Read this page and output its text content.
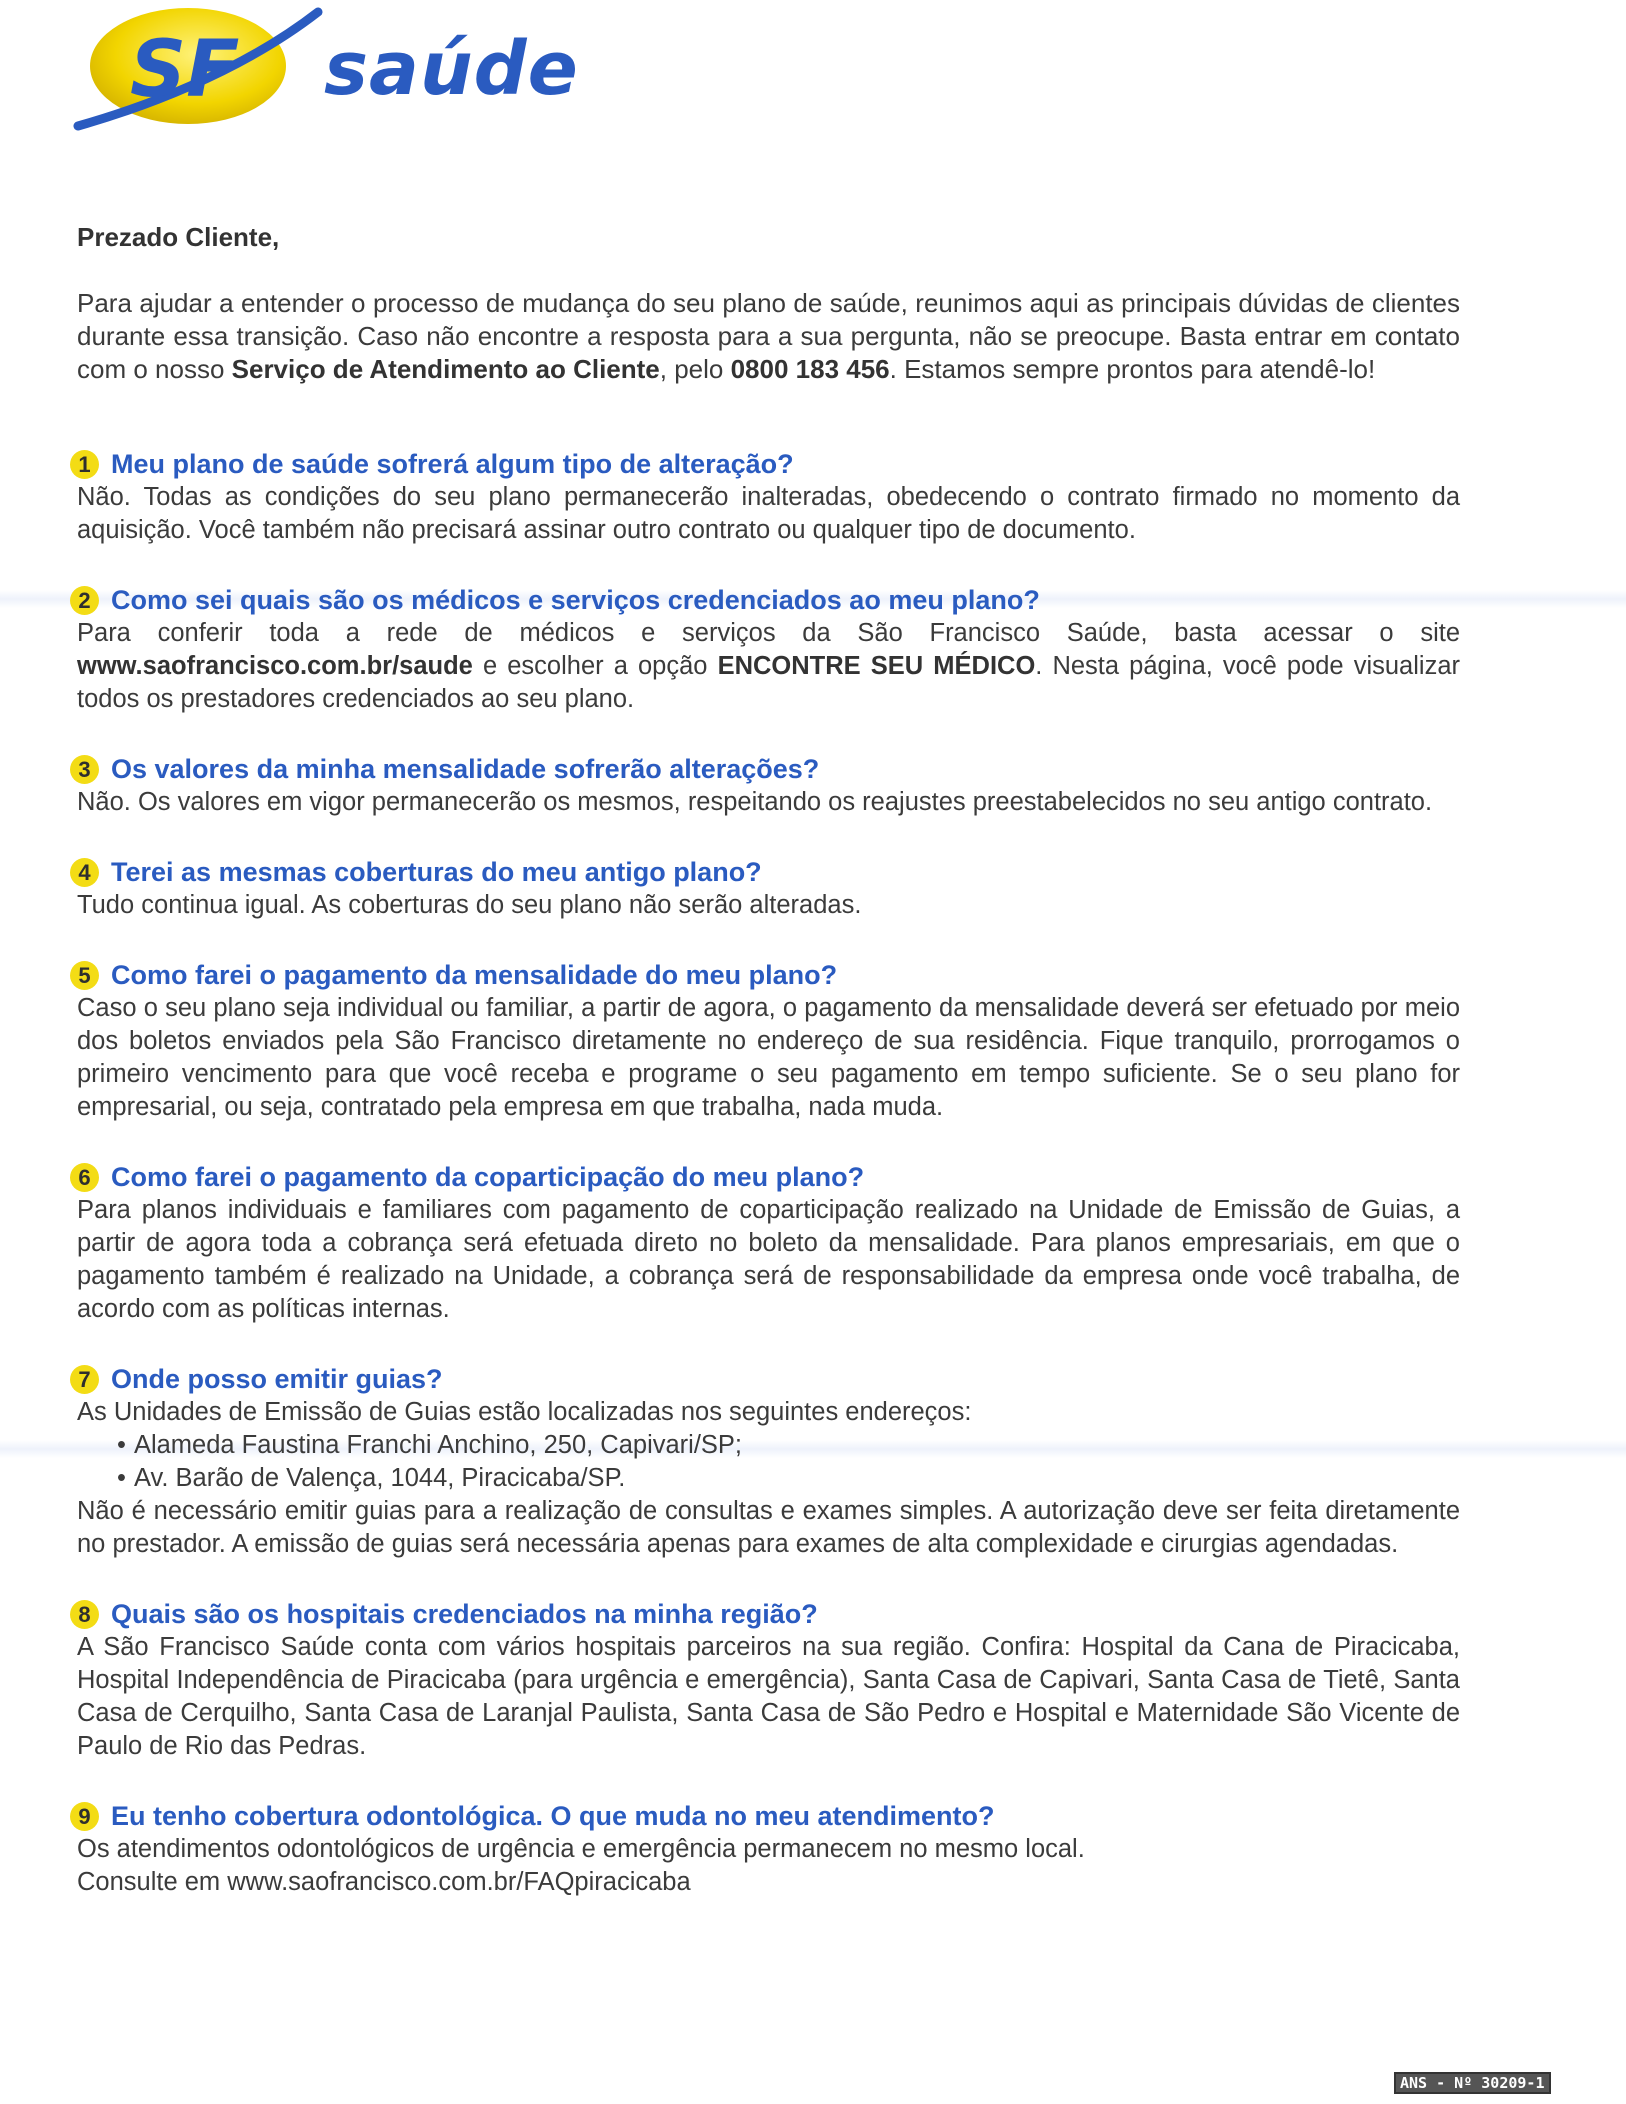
SF saúde

Prezado Cliente,

Para ajudar a entender o processo de mudança do seu plano de saúde, reunimos aqui as principais dúvidas de clientes durante essa transição. Caso não encontre a resposta para a sua pergunta, não se preocupe. Basta entrar em contato com o nosso Serviço de Atendimento ao Cliente, pelo 0800 183 456. Estamos sempre prontos para atendê-lo!

1 Meu plano de saúde sofrerá algum tipo de alteração?
Não. Todas as condições do seu plano permanecerão inalteradas, obedecendo o contrato firmado no momento da aquisição. Você também não precisará assinar outro contrato ou qualquer tipo de documento.
2 Como sei quais são os médicos e serviços credenciados ao meu plano?
Para conferir toda a rede de médicos e serviços da São Francisco Saúde, basta acessar o site www.saofrancisco.com.br/saude e escolher a opção ENCONTRE SEU MÉDICO. Nesta página, você pode visualizar todos os prestadores credenciados ao seu plano.
3 Os valores da minha mensalidade sofrerão alterações?
Não. Os valores em vigor permanecerão os mesmos, respeitando os reajustes preestabelecidos no seu antigo contrato.
4 Terei as mesmas coberturas do meu antigo plano?
Tudo continua igual. As coberturas do seu plano não serão alteradas.
5 Como farei o pagamento da mensalidade do meu plano?
Caso o seu plano seja individual ou familiar, a partir de agora, o pagamento da mensalidade deverá ser efetuado por meio dos boletos enviados pela São Francisco diretamente no endereço de sua residência. Fique tranquilo, prorrogamos o primeiro vencimento para que você receba e programe o seu pagamento em tempo suficiente. Se o seu plano for empresarial, ou seja, contratado pela empresa em que trabalha, nada muda.
6 Como farei o pagamento da coparticipação do meu plano?
Para planos individuais e familiares com pagamento de coparticipação realizado na Unidade de Emissão de Guias, a partir de agora toda a cobrança será efetuada direto no boleto da mensalidade. Para planos empresariais, em que o pagamento também é realizado na Unidade, a cobrança será de responsabilidade da empresa onde você trabalha, de acordo com as políticas internas.
7 Onde posso emitir guias?
As Unidades de Emissão de Guias estão localizadas nos seguintes endereços:
• Alameda Faustina Franchi Anchino, 250, Capivari/SP;
• Av. Barão de Valença, 1044, Piracicaba/SP.
Não é necessário emitir guias para a realização de consultas e exames simples. A autorização deve ser feita diretamente no prestador. A emissão de guias será necessária apenas para exames de alta complexidade e cirurgias agendadas.
8 Quais são os hospitais credenciados na minha região?
A São Francisco Saúde conta com vários hospitais parceiros na sua região. Confira: Hospital da Cana de Piracicaba, Hospital Independência de Piracicaba (para urgência e emergência), Santa Casa de Capivari, Santa Casa de Tietê, Santa Casa de Cerquilho, Santa Casa de Laranjal Paulista, Santa Casa de São Pedro e Hospital e Maternidade São Vicente de Paulo de Rio das Pedras.
9 Eu tenho cobertura odontológica. O que muda no meu atendimento?
Os atendimentos odontológicos de urgência e emergência permanecem no mesmo local.
Consulte em www.saofrancisco.com.br/FAQpiracicaba
ANS - Nº 30209-1
